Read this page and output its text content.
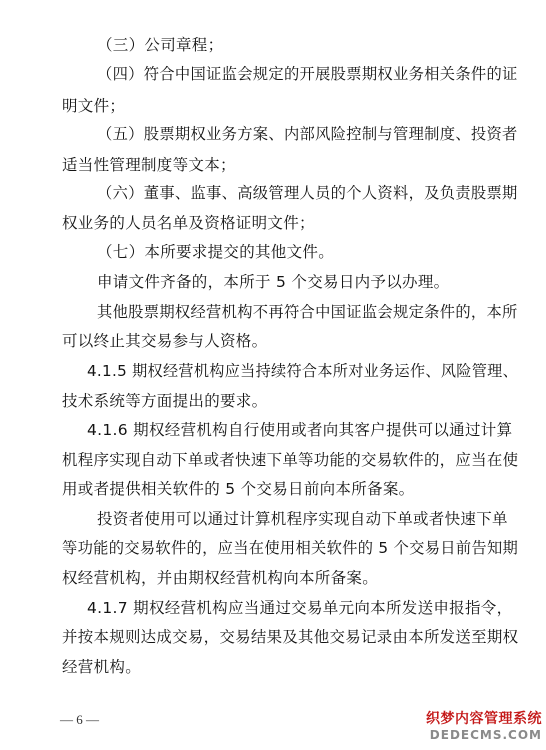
（三）公司章程；
（四）符合中国证监会规定的开展股票期权业务相关条件的证
明文件；
（五）股票期权业务方案、内部风险控制与管理制度、投资者
适当性管理制度等文本；
（六）董事、监事、高级管理人员的个人资料，及负责股票期
权业务的人员名单及资格证明文件；
（七）本所要求提交的其他文件。
申请文件齐备的，本所于 5 个交易日内予以办理。
其他股票期权经营机构不再符合中国证监会规定条件的，本所
可以终止其交易参与人资格。
4.1.5 期权经营机构应当持续符合本所对业务运作、风险管理、
技术系统等方面提出的要求。
4.1.6 期权经营机构自行使用或者向其客户提供可以通过计算
机程序实现自动下单或者快速下单等功能的交易软件的，应当在使
用或者提供相关软件的 5 个交易日前向本所备案。
投资者使用可以通过计算机程序实现自动下单或者快速下单
等功能的交易软件的，应当在使用相关软件的 5 个交易日前告知期
权经营机构，并由期权经营机构向本所备案。
4.1.7 期权经营机构应当通过交易单元向本所发送申报指令，
并按本规则达成交易，交易结果及其他交易记录由本所发送至期权
经营机构。
— 6 —	织梦内容管理系统
DEDECMS.COM
